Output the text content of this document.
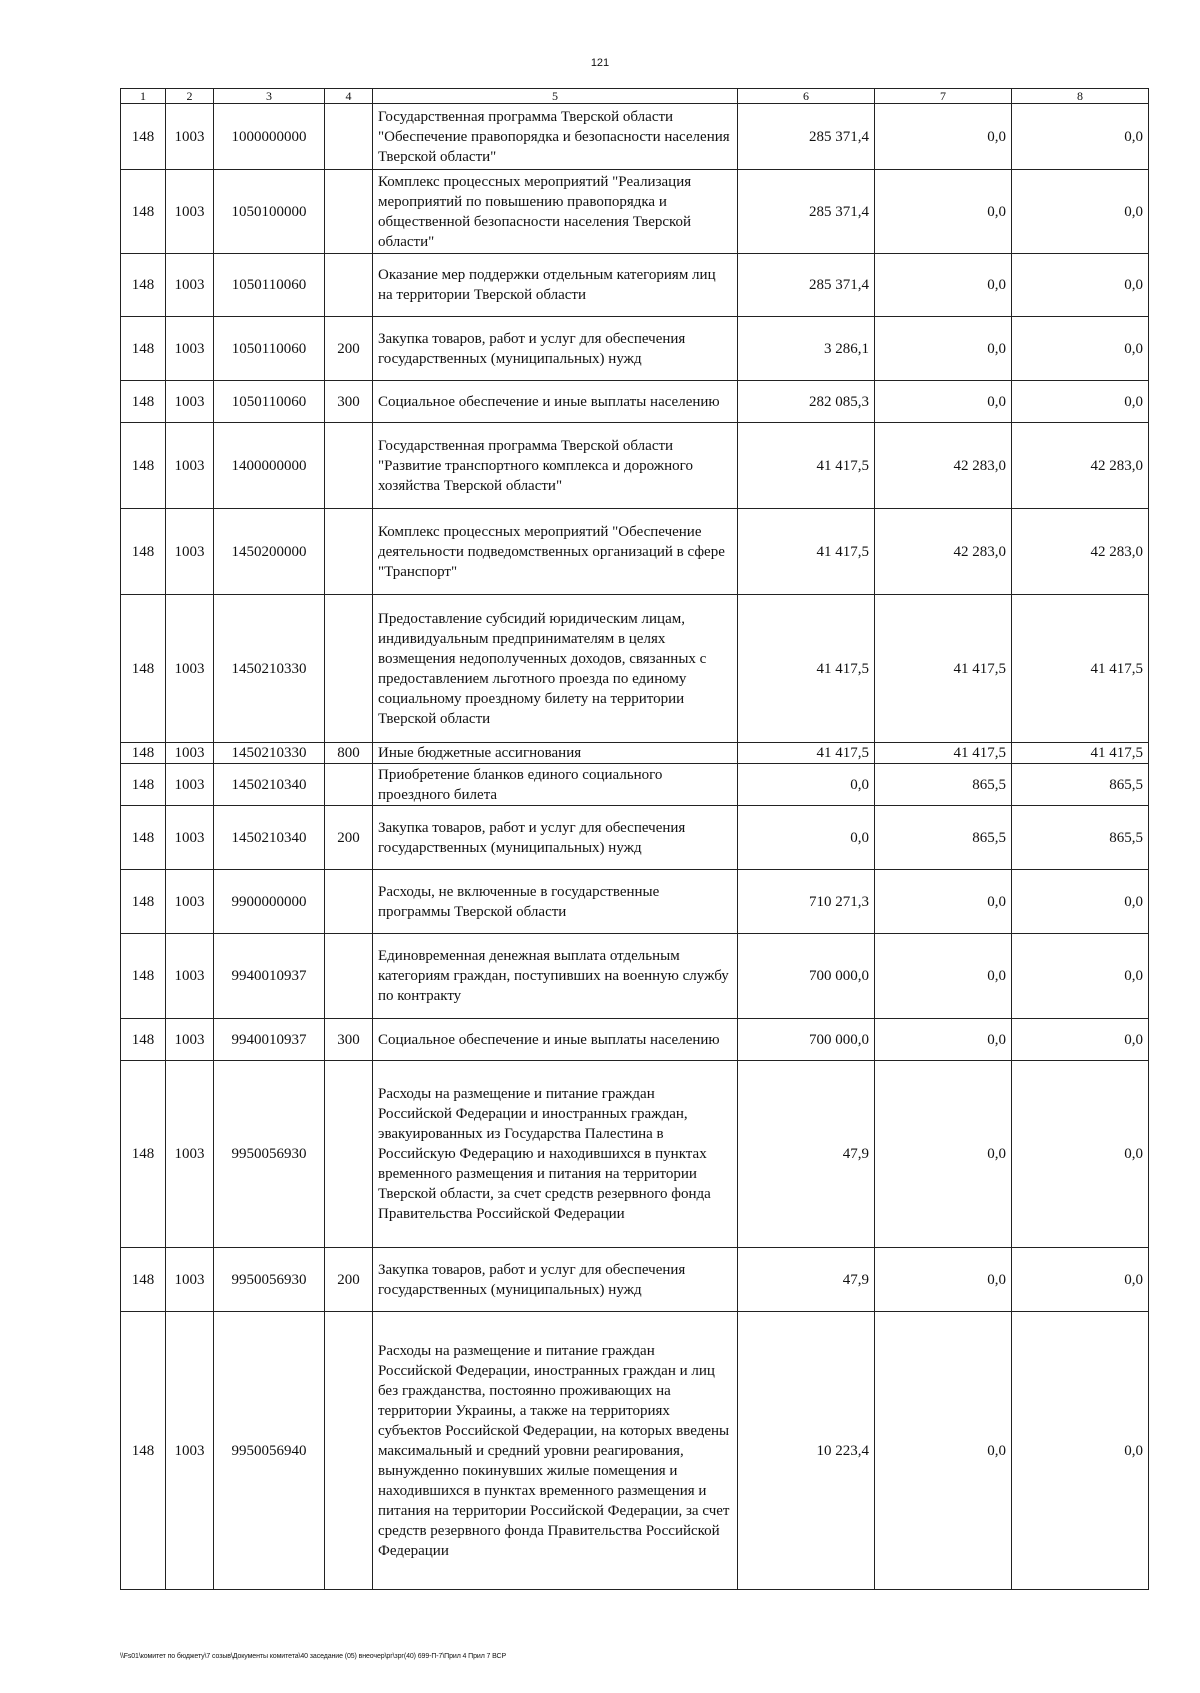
121
1	2	3	4	5	6	7	8
148	1003	1000000000		Государственная программа Тверской области "Обеспечение правопорядка и безопасности населения Тверской области"	285 371,4	0,0	0,0
148	1003	1050100000		Комплекс процессных мероприятий "Реализация мероприятий по повышению правопорядка и общественной безопасности населения Тверской области"	285 371,4	0,0	0,0
148	1003	1050110060		Оказание мер поддержки отдельным категориям лиц на территории Тверской области	285 371,4	0,0	0,0
148	1003	1050110060	200	Закупка товаров, работ и услуг для обеспечения государственных (муниципальных) нужд	3 286,1	0,0	0,0
148	1003	1050110060	300	Социальное обеспечение и иные выплаты населению	282 085,3	0,0	0,0
148	1003	1400000000		Государственная программа Тверской области "Развитие транспортного комплекса и дорожного хозяйства Тверской области"	41 417,5	42 283,0	42 283,0
148	1003	1450200000		Комплекс процессных мероприятий "Обеспечение деятельности подведомственных организаций в сфере "Транспорт"	41 417,5	42 283,0	42 283,0
148	1003	1450210330		Предоставление субсидий юридическим лицам, индивидуальным предпринимателям в целях возмещения недополученных доходов, связанных с предоставлением льготного проезда по единому социальному проездному билету на территории Тверской области	41 417,5	41 417,5	41 417,5
148	1003	1450210330	800	Иные бюджетные ассигнования	41 417,5	41 417,5	41 417,5
148	1003	1450210340		Приобретение бланков единого социального проездного билета	0,0	865,5	865,5
148	1003	1450210340	200	Закупка товаров, работ и услуг для обеспечения государственных (муниципальных) нужд	0,0	865,5	865,5
148	1003	9900000000		Расходы, не включенные в государственные программы Тверской области	710 271,3	0,0	0,0
148	1003	9940010937		Единовременная денежная выплата отдельным категориям граждан, поступивших на военную службу по контракту	700 000,0	0,0	0,0
148	1003	9940010937	300	Социальное обеспечение и иные выплаты населению	700 000,0	0,0	0,0
148	1003	9950056930		Расходы на размещение и питание граждан Российской Федерации и иностранных граждан, эвакуированных из Государства Палестина в Российскую Федерацию и находившихся в пунктах временного размещения и питания на территории Тверской области, за счет средств резервного фонда Правительства Российской Федерации	47,9	0,0	0,0
148	1003	9950056930	200	Закупка товаров, работ и услуг для обеспечения государственных (муниципальных) нужд	47,9	0,0	0,0
148	1003	9950056940		Расходы на размещение и питание граждан Российской Федерации, иностранных граждан и лиц без гражданства, постоянно проживающих на территории Украины, а также на территориях субъектов Российской Федерации, на которых введены максимальный и средний уровни реагирования, вынужденно покинувших жилые помещения и находившихся в пунктах временного размещения и питания на территории Российской Федерации, за счет средств резервного фонда Правительства Российской Федерации	10 223,4	0,0	0,0
\\Fs01\комитет по бюджету\7 созыв\Документы комитета\40 заседание (05) внеочер\рг\зрг(40) 699-П-7\Прил 4 Прил 7 ВСР
